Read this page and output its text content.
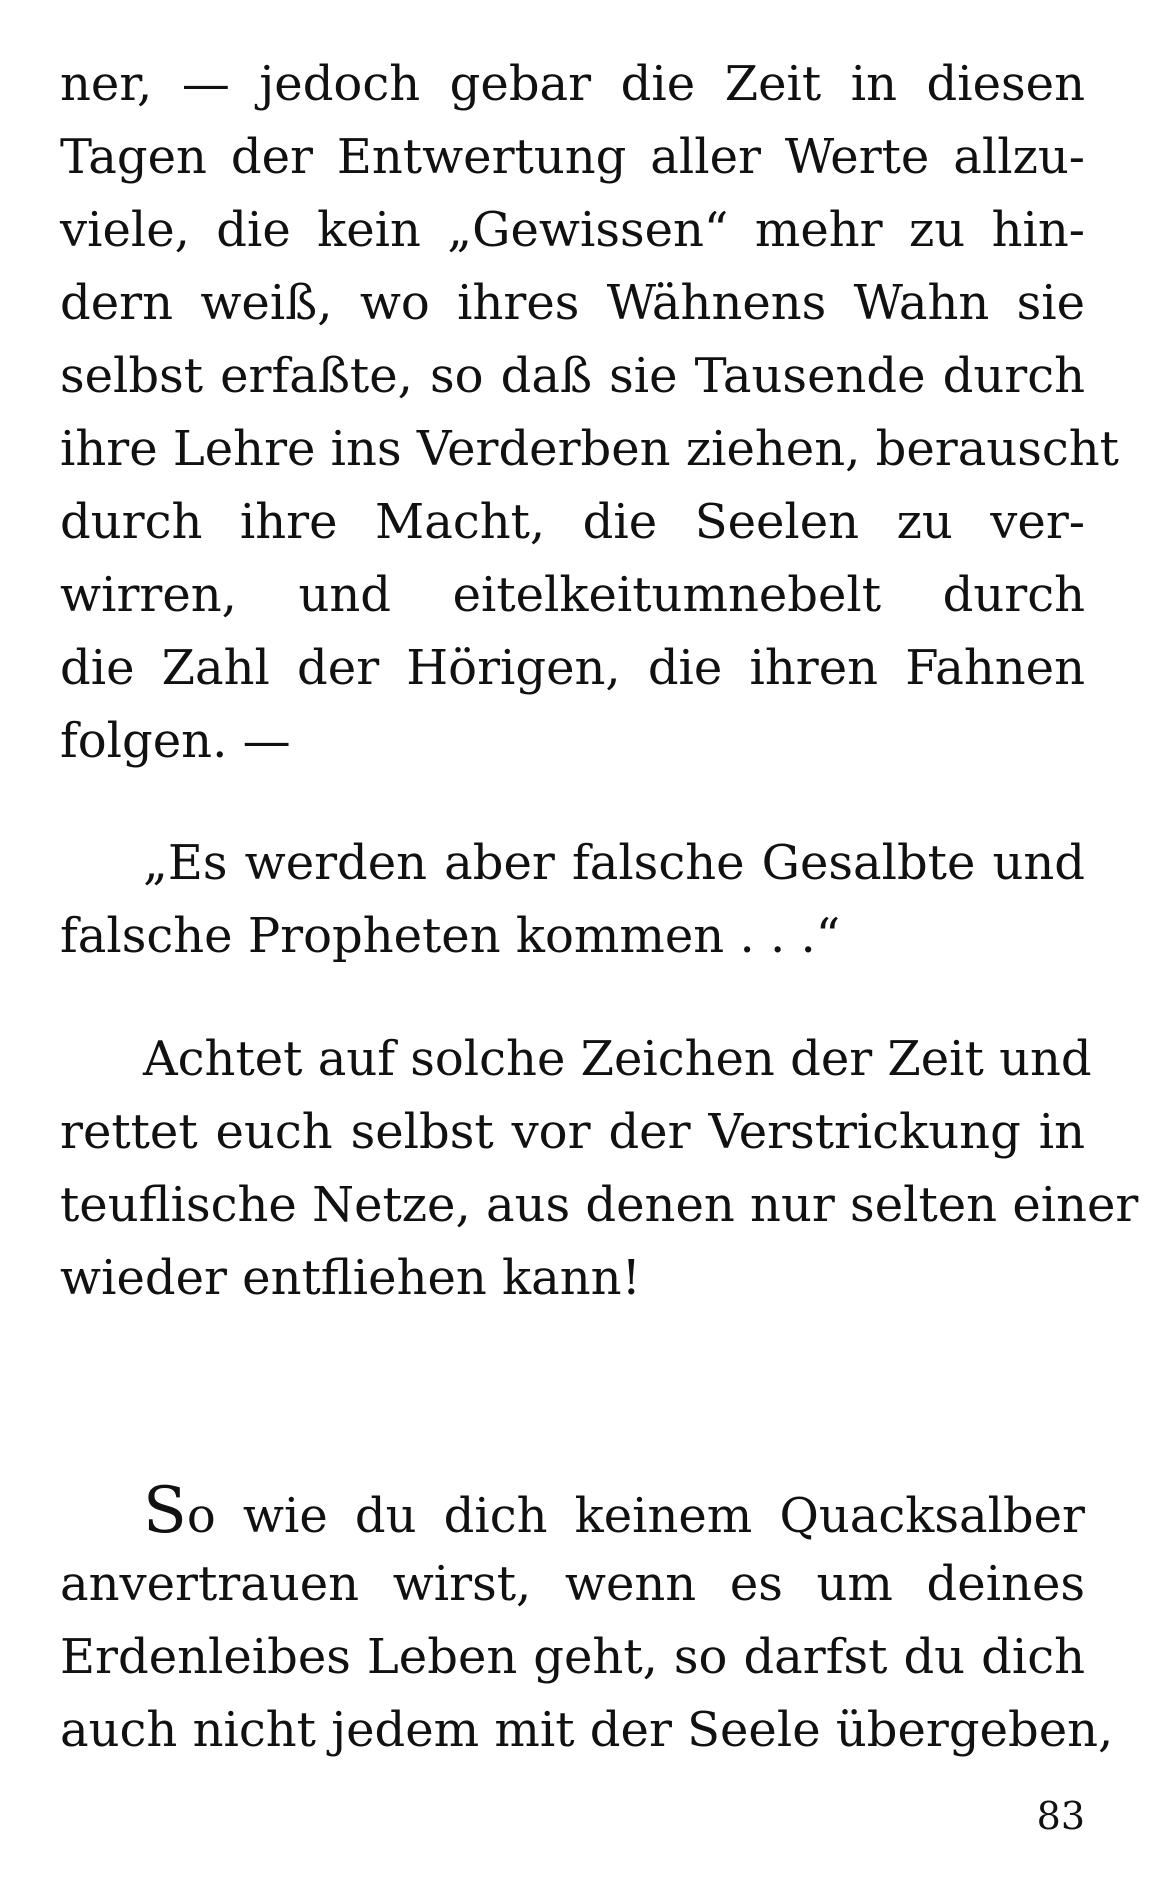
ner, — jedoch gebar die Zeit in diesen
Tagen der Entwertung aller Werte allzu-
viele, die kein „Gewissen“ mehr zu hin-
dern weiß, wo ihres Wähnens Wahn sie
selbst erfaßte, so daß sie Tausende durch
ihre Lehre ins Verderben ziehen, berauscht
durch ihre Macht, die Seelen zu ver-
wirren, und eitelkeitumnebelt durch
die Zahl der Hörigen, die ihren Fahnen
folgen. —
„Es werden aber falsche Gesalbte und
falsche Propheten kommen . . .“
Achtet auf solche Zeichen der Zeit und
rettet euch selbst vor der Verstrickung in
teuflische Netze, aus denen nur selten einer
wieder entfliehen kann!
So wie du dich keinem Quacksalber
anvertrauen wirst, wenn es um deines
Erdenleibes Leben geht, so darfst du dich
auch nicht jedem mit der Seele übergeben,
83
